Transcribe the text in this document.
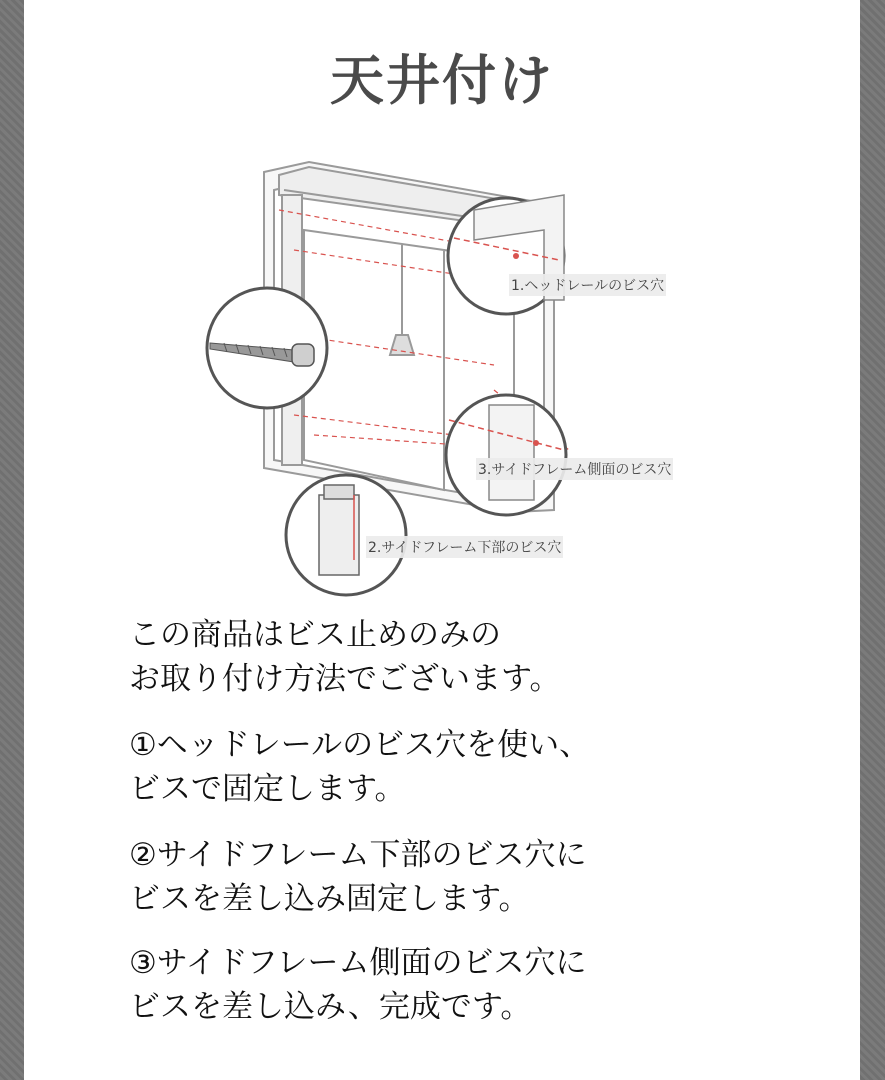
天井付け
1.ヘッドレールのビス穴
3.サイドフレーム側面のビス穴
2.サイドフレーム下部のビス穴
この商品はビス止めのみの
お取り付け方法でございます。
①ヘッドレールのビス穴を使い、
ビスで固定します。
②サイドフレーム下部のビス穴に
ビスを差し込み固定します。
③サイドフレーム側面のビス穴に
ビスを差し込み、完成です。
